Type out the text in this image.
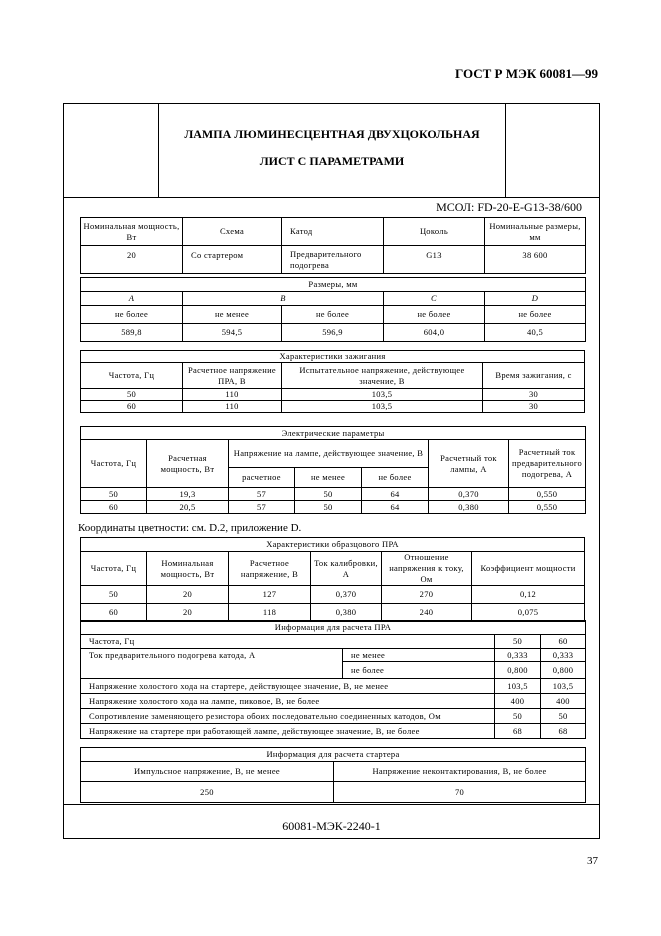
ГОСТ Р МЭК 60081—99
ЛАМПА ЛЮМИНЕСЦЕНТНАЯ ДВУХЦОКОЛЬНАЯ
ЛИСТ С ПАРАМЕТРАМИ
МСОЛ: FD-20-E-G13-38/600
Номинальная мощность, Вт	Схема	Катод	Цоколь	Номинальные размеры, мм
20	Со стартером	Предварительного подогрева	G13	38 600
Размеры, мм				
A	B		C	D
не более	не менее	не более	не более	не более
589,8	594,5	596,9	604,0	40,5
Характеристики зажигания			
Частота, Гц	Расчетное напряжение ПРА, В	Испытательное напряжение, действующее значение, В	Время зажигания, с
50	110	103,5	30
60	110	103,5	30
Электрические параметры						
Частота, Гц	Расчетная мощность, Вт	Напряжение на лампе, действующее значение, В			Расчетный ток лампы, А	Расчетный ток предварительного подогрева, А
		расчетное	не менее	не более		
50	19,3	57	50	64	0,370	0,550
60	20,5	57	50	64	0,380	0,550
Координаты цветности: см. D.2, приложение D.
Характеристики образцового ПРА					
Частота, Гц	Номинальная мощность, Вт	Расчетное напряжение, В	Ток калибровки, А	Отношение напряжения к току, Ом	Коэффициент мощности
50	20	127	0,370	270	0,12
60	20	118	0,380	240	0,075
Информация для расчета ПРА			
Частота, Гц		50	60
Ток предварительного подогрева катода, А	не менее	0,333	0,333
	не более	0,800	0,800
Напряжение холостого хода на стартере, действующее значение, В, не менее		103,5	103,5
Напряжение холостого хода на лампе, пиковое, В, не более		400	400
Сопротивление заменяющего резистора обоих последовательно соединенных катодов, Ом		50	50
Напряжение на стартере при работающей лампе, действующее значение, В, не более		68	68
Информация для расчета стартера	
Импульсное напряжение, В, не менее	Напряжение неконтактирования, В, не более
250	70
60081-МЭК-2240-1
37
